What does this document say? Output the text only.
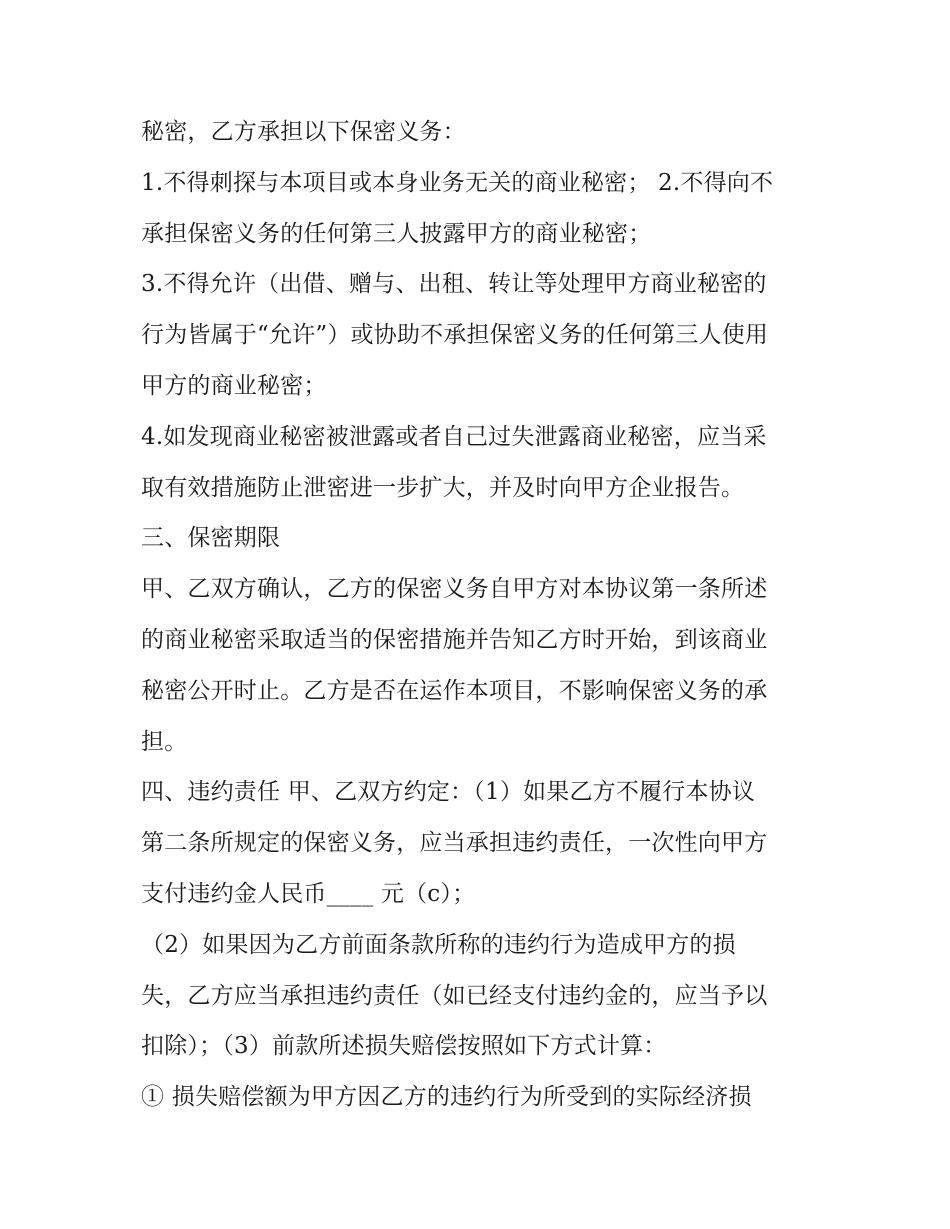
秘密，乙方承担以下保密义务：
1.不得刺探与本项目或本身业务无关的商业秘密； 2.不得向不
承担保密义务的任何第三人披露甲方的商业秘密；
3.不得允许（出借、赠与、出租、转让等处理甲方商业秘密的
行为皆属于“允许”）或协助不承担保密义务的任何第三人使用
甲方的商业秘密；
4.如发现商业秘密被泄露或者自己过失泄露商业秘密，应当采
取有效措施防止泄密进一步扩大，并及时向甲方企业报告。
三、保密期限
甲、乙双方确认，乙方的保密义务自甲方对本协议第一条所述
的商业秘密采取适当的保密措施并告知乙方时开始，到该商业
秘密公开时止。乙方是否在运作本项目，不影响保密义务的承
担。
四、违约责任 甲、乙双方约定：（1）如果乙方不履行本协议
第二条所规定的保密义务，应当承担违约责任，一次性向甲方
支付违约金人民币____ 元（c）；
（2）如果因为乙方前面条款所称的违约行为造成甲方的损
失，乙方应当承担违约责任（如已经支付违约金的，应当予以
扣除）；（3）前款所述损失赔偿按照如下方式计算：
① 损失赔偿额为甲方因乙方的违约行为所受到的实际经济损
